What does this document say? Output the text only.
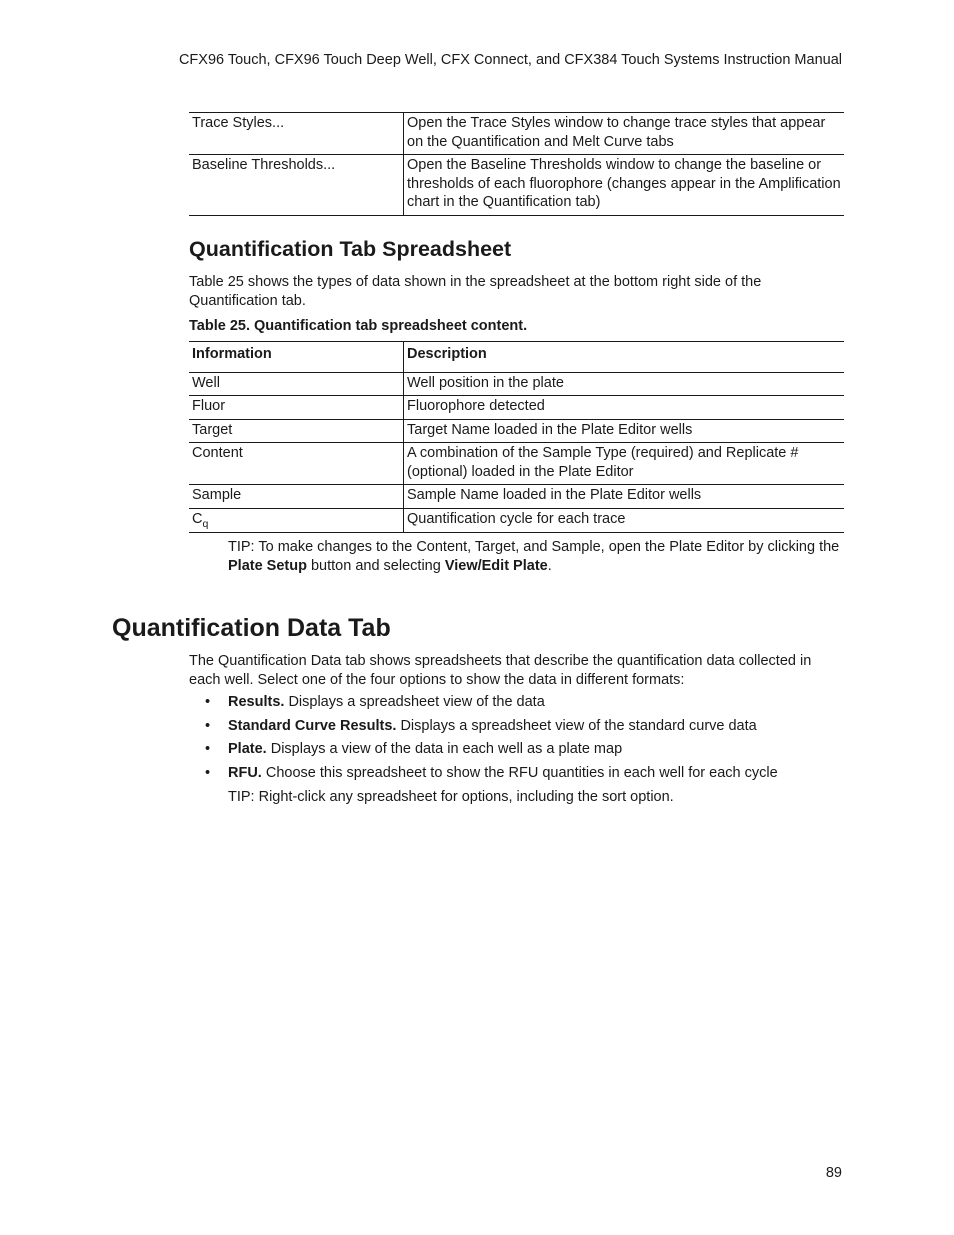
CFX96 Touch, CFX96 Touch Deep Well, CFX Connect, and CFX384 Touch Systems Instruction Manual
Trace Styles...	Open the Trace Styles window to change trace styles that appear on the Quantification and Melt Curve tabs
Baseline Thresholds...	Open the Baseline Thresholds window to change the baseline or thresholds of each fluorophore (changes appear in the Amplification chart in the Quantification tab)
Quantification Tab Spreadsheet

Table 25 shows the types of data shown in the spreadsheet at the bottom right side of the Quantification tab.

Table 25. Quantification tab spreadsheet content.

Information	Description
Well	Well position in the plate
Fluor	Fluorophore detected
Target	Target Name loaded in the Plate Editor wells
Content	A combination of the Sample Type (required) and Replicate # (optional) loaded in the Plate Editor
Sample	Sample Name loaded in the Plate Editor wells
$C_q$	Quantification cycle for each trace

TIP: To make changes to the Content, Target, and Sample, open the Plate Editor by clicking the Plate Setup button and selecting View/Edit Plate.

Quantification Data Tab

The Quantification Data tab shows spreadsheets that describe the quantification data collected in each well. Select one of the four options to show the data in different formats:

• Results. Displays a spreadsheet view of the data
• Standard Curve Results. Displays a spreadsheet view of the standard curve data
• Plate. Displays a view of the data in each well as a plate map
• RFU. Choose this spreadsheet to show the RFU quantities in each well for each cycle

TIP: Right-click any spreadsheet for options, including the sort option.

89
